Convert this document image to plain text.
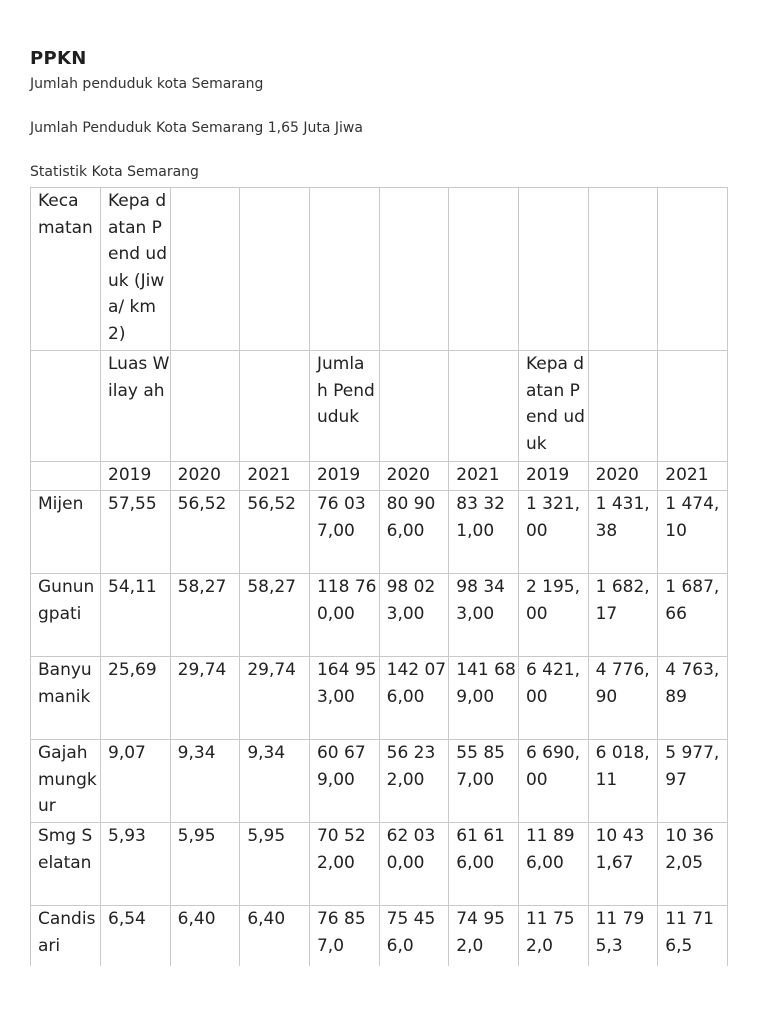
PPKN
Jumlah penduduk kota Semarang
Jumlah Penduduk Kota Semarang 1,65 Juta Jiwa
Statistik Kota Semarang
Keca matan	Kepa datan Pend uduk (Jiwa/ km2)								
	Luas Wilay ah			Jumla h Pend uduk			Kepa datan Pend uduk		
	2019	2020	2021	2019	2020	2021	2019	2020	2021
Mijen	57,55	56,52	56,52	76 037,00	80 906,00	83 321,00	1 321,00	1 431,38	1 474,10
Gunungpati	54,11	58,27	58,27	118 760,00	98 023,00	98 343,00	2 195,00	1 682,17	1 687,66
Banyumanik	25,69	29,74	29,74	164 953,00	142 076,00	141 689,00	6 421,00	4 776,90	4 763,89
Gajahmungkur	9,07	9,34	9,34	60 679,00	56 232,00	55 857,00	6 690,00	6 018,11	5 977,97
Smg Selatan	5,93	5,95	5,95	70 522,00	62 030,00	61 616,00	11 896,00	10 431,67	10 362,05
Candisari	6,54	6,40	6,40	76 857,0	75 456,0	74 952,0	11 752,0	11 795,3	11 716,5
